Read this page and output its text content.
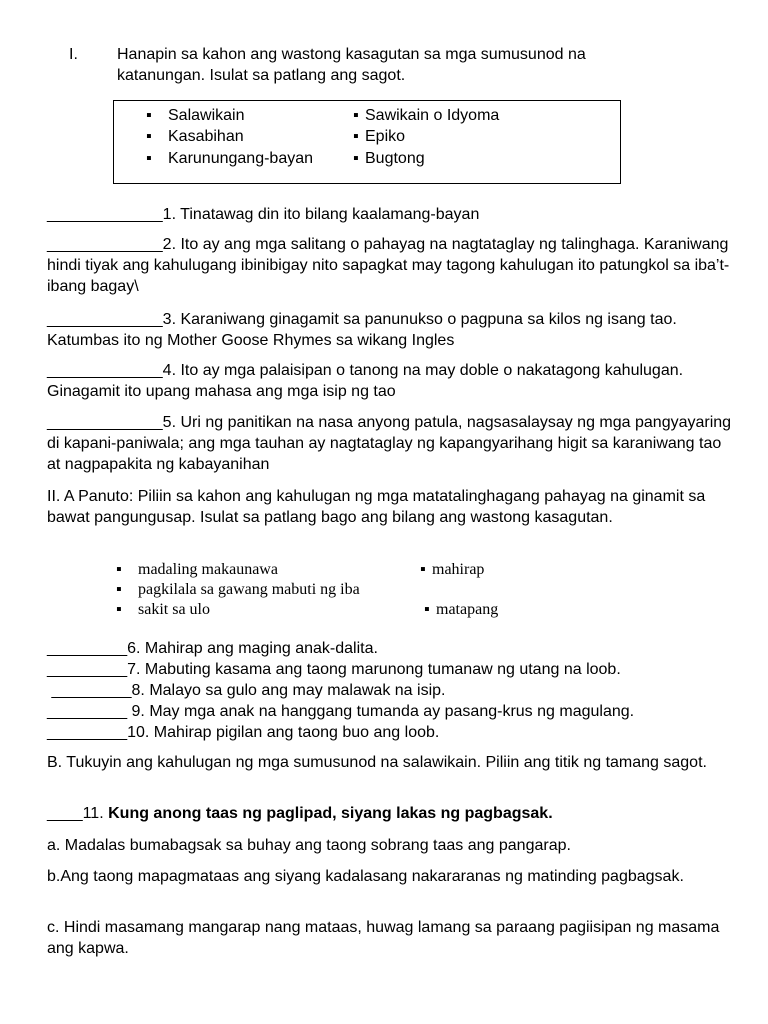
I. Hanapin sa kahon ang wastong kasagutan sa mga sumusunod na katanungan. Isulat sa patlang ang sagot.
▪ Salawikain
▪ Kasabihan
▪ Karunungang-bayan
▪ Sawikain o Idyoma
▪ Epiko
▪ Bugtong
_____________1. Tinatawag din ito bilang kaalamang-bayan
_____________2. Ito ay ang mga salitang o pahayag na nagtataglay ng talinghaga. Karaniwang hindi tiyak ang kahulugang ibinibigay nito sapagkat may tagong kahulugan ito patungkol sa iba’t-ibang bagay\
_____________3. Karaniwang ginagamit sa panunukso o pagpuna sa kilos ng isang tao. Katumbas ito ng Mother Goose Rhymes sa wikang Ingles
_____________4. Ito ay mga palaisipan o tanong na may doble o nakatagong kahulugan. Ginagamit ito upang mahasa ang mga isip ng tao
_____________5. Uri ng panitikan na nasa anyong patula, nagsasalaysay ng mga pangyayaring di kapani-paniwala; ang mga tauhan ay nagtataglay ng kapangyarihang higit sa karaniwang tao at nagpapakita ng kabayanihan
II. A Panuto: Piliin sa kahon ang kahulugan ng mga matatalinghagang pahayag na ginamit sa bawat pangungusap. Isulat sa patlang bago ang bilang ang wastong kasagutan.
▪ madaling makaunawa
▪ pagkilala sa gawang mabuti ng iba
▪ sakit sa ulo
▪ mahirap
▪ matapang
_________6. Mahirap ang maging anak-dalita.
_________7. Mabuting kasama ang taong marunong tumanaw ng utang na loob.
_________8. Malayo sa gulo ang may malawak na isip.
_________ 9. May mga anak na hanggang tumanda ay pasang-krus ng magulang.
_________10. Mahirap pigilan ang taong buo ang loob.
B. Tukuyin ang kahulugan ng mga sumusunod na salawikain. Piliin ang titik ng tamang sagot.
____11. Kung anong taas ng paglipad, siyang lakas ng pagbagsak.
a. Madalas bumabagsak sa buhay ang taong sobrang taas ang pangarap.
b.Ang taong mapagmataas ang siyang kadalasang nakararanas ng matinding pagbagsak.
c. Hindi masamang mangarap nang mataas, huwag lamang sa paraang pagiisipan ng masama ang kapwa.
